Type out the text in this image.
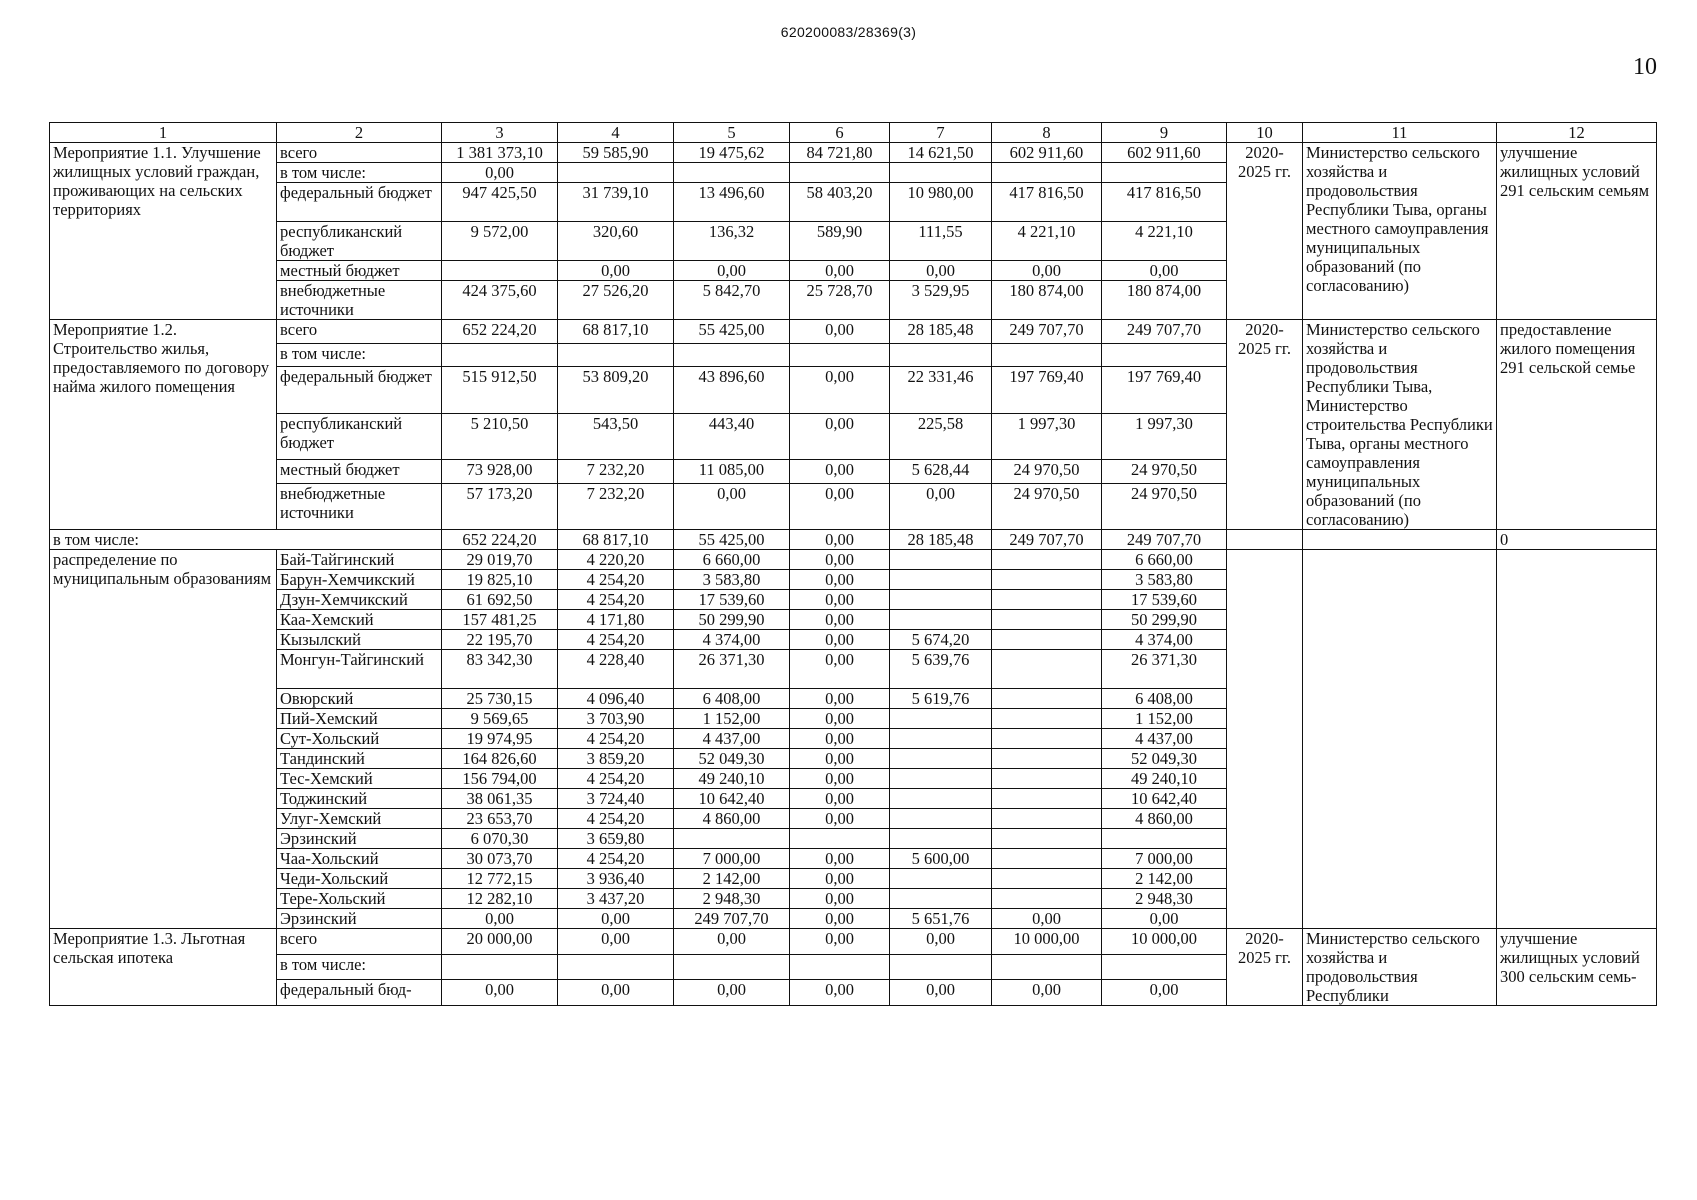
620200083/28369(3)
10
1	2	3	4	5	6	7	8	9	10	11	12
Мероприятие 1.1. Улучшение жилищных условий граждан, проживающих на сельских территориях	всего	1 381 373,10	59 585,90	19 475,62	84 721,80	14 621,50	602 911,60	602 911,60	2020-2025 гг.	Министерство сельского хозяйства и продовольствия Республики Тыва, органы местного самоуправления муниципальных образований (по согласованию)	улучшение жилищных условий 291 сельским семьям
	в том числе:	0,00									
	федеральный бюджет	947 425,50	31 739,10	13 496,60	58 403,20	10 980,00	417 816,50	417 816,50			
	республиканский бюджет	9 572,00	320,60	136,32	589,90	111,55	4 221,10	4 221,10			
	местный бюджет		0,00	0,00	0,00	0,00	0,00	0,00			
	внебюджетные источники	424 375,60	27 526,20	5 842,70	25 728,70	3 529,95	180 874,00	180 874,00			
Мероприятие 1.2. Строительство жилья, предоставляемого по договору найма жилого помещения	всего	652 224,20	68 817,10	55 425,00	0,00	28 185,48	249 707,70	249 707,70	2020-2025 гг.	Министерство сельского хозяйства и продовольствия Республики Тыва, Министерство строительства Республики Тыва, органы местного самоуправления муниципальных образований (по согласованию)	предоставление жилого помещения 291 сельской семье
	в том числе:										
	федеральный бюджет	515 912,50	53 809,20	43 896,60	0,00	22 331,46	197 769,40	197 769,40			
	республиканский бюджет	5 210,50	543,50	443,40	0,00	225,58	1 997,30	1 997,30			
	местный бюджет	73 928,00	7 232,20	11 085,00	0,00	5 628,44	24 970,50	24 970,50			
	внебюджетные источники	57 173,20	7 232,20	0,00	0,00	0,00	24 970,50	24 970,50			
в том числе:		652 224,20	68 817,10	55 425,00	0,00	28 185,48	249 707,70	249 707,70			0
распределение по муниципальным образованиям	Бай-Тайгинский	29 019,70	4 220,20	6 660,00	0,00			6 660,00			
	Барун-Хемчикский	19 825,10	4 254,20	3 583,80	0,00			3 583,80			
	Дзун-Хемчикский	61 692,50	4 254,20	17 539,60	0,00			17 539,60			
	Каа-Хемский	157 481,25	4 171,80	50 299,90	0,00			50 299,90			
	Кызылский	22 195,70	4 254,20	4 374,00	0,00	5 674,20		4 374,00			
	Монгун-Тайгинский	83 342,30	4 228,40	26 371,30	0,00	5 639,76		26 371,30			
	Овюрский	25 730,15	4 096,40	6 408,00	0,00	5 619,76		6 408,00			
	Пий-Хемский	9 569,65	3 703,90	1 152,00	0,00			1 152,00			
	Сут-Хольский	19 974,95	4 254,20	4 437,00	0,00			4 437,00			
	Тандинский	164 826,60	3 859,20	52 049,30	0,00			52 049,30			
	Тес-Хемский	156 794,00	4 254,20	49 240,10	0,00			49 240,10			
	Тоджинский	38 061,35	3 724,40	10 642,40	0,00			10 642,40			
	Улуг-Хемский	23 653,70	4 254,20	4 860,00	0,00			4 860,00			
	Эрзинский	6 070,30	3 659,80								
	Чаа-Хольский	30 073,70	4 254,20	7 000,00	0,00	5 600,00		7 000,00			
	Чеди-Хольский	12 772,15	3 936,40	2 142,00	0,00			2 142,00			
	Тере-Хольский	12 282,10	3 437,20	2 948,30	0,00			2 948,30			
	Эрзинский	0,00	0,00	249 707,70	0,00	5 651,76	0,00	0,00			
Мероприятие 1.3. Льготная сельская ипотека	всего	20 000,00	0,00	0,00	0,00	0,00	10 000,00	10 000,00	2020-2025 гг.	Министерство сельского хозяйства и продовольствия Республики	улучшение жилищных условий 300 сельским семь-
	в том числе:										
	федеральный бюд-	0,00	0,00	0,00	0,00	0,00	0,00	0,00			
